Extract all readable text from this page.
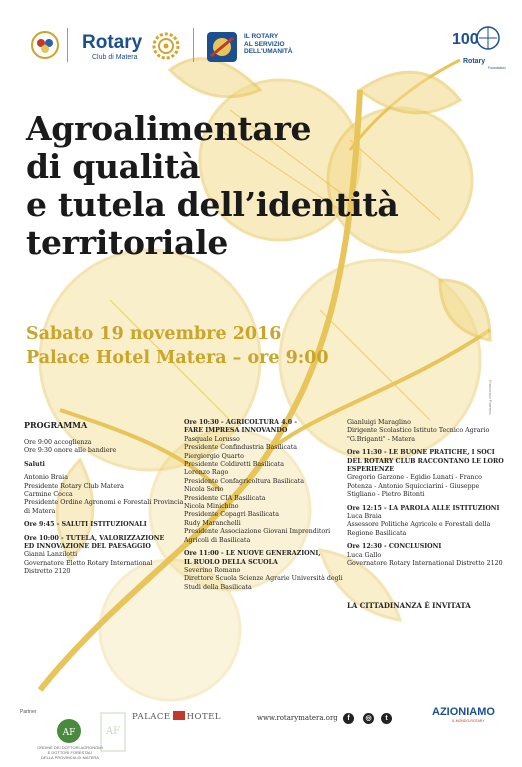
Rotary
Club di Matera
IL ROTARY
AL SERVIZIO
DELL'UMANITÀ
100
Rotary
Foundation
Agroalimentare
di qualità
e tutela dell’identità
territoriale
Sabato 19 novembre 2016
Palace Hotel Matera – ore 9:00
Francesco Palermo
PROGRAMMA
Ore 9:00 accoglienza
Ore 9:30 onore alle bandiere
Saluti
Antonio Braia
Presidente Rotary Club Matera
Carmine Cocca
Presidente Ordine Agronomi e Forestali Provincia
di Matera
Ore 9:45 - SALUTI ISTITUZIONALI
Ore 10:00 - TUTELA, VALORIZZAZIONE
ED INNOVAZIONE DEL PAESAGGIO
Gianni Lanzilotti
Governatore Eletto Rotary International
Distretto 2120
Ore 10:30 - AGRICOLTURA 4.0 -
FARE IMPRESA INNOVANDO
Pasquale Lorusso
Presidente Confindustria Basilicata
Piergiorgio Quarto
Presidente Coldiretti Basilicata
Lorenzo Rago
Presidente Confagricoltura Basilicata
Nicola Serio
Presidente CIA Basilicata
Nicola Minichino
Presidente Copagri Basilicata
Rudy Maranchelli
Presidente Associazione Giovani Imprenditori
Agricoli di Basilicata
Ore 11:00 - LE NUOVE GENERAZIONI,
IL RUOLO DELLA SCUOLA
Severino Romano
Direttore Scuola Scienze Agrarie Università degli
Studi della Basilicata
Gianluigi Maraglino
Dirigente Scolastico Istituto Tecnico Agrario
"G.Briganti" - Matera
Ore 11:30 - LE BUONE PRATICHE, I SOCI
DEL ROTARY CLUB RACCONTANO LE LORO
ESPERIENZE
Gregorio Garzone - Egidio Lunati - Franco
Potenza - Antonio Squicciarini - Giuseppe
Stigliano - Pietro Bitonti
Ore 12:15 - LA PAROLA ALLE ISTITUZIONI
Luca Braia
Assessore Politiche Agricole e Forestali della
Regione Basilicata
Ore 12:30 - CONCLUSIONI
Luca Gallo
Governatore Rotary International Distretto 2120
LA CITTADINANZA È INVITATA
Partner
AF	AF
ORDINE DEI DOTTORI AGRONOMI
E DOTTORI FORESTALI
DELLA PROVINCIA DI MATERA
PALACE HOTEL	www.rotarymatera.org	f	◎	t
AZIONIAMO
IL MONDO-ROTARY
